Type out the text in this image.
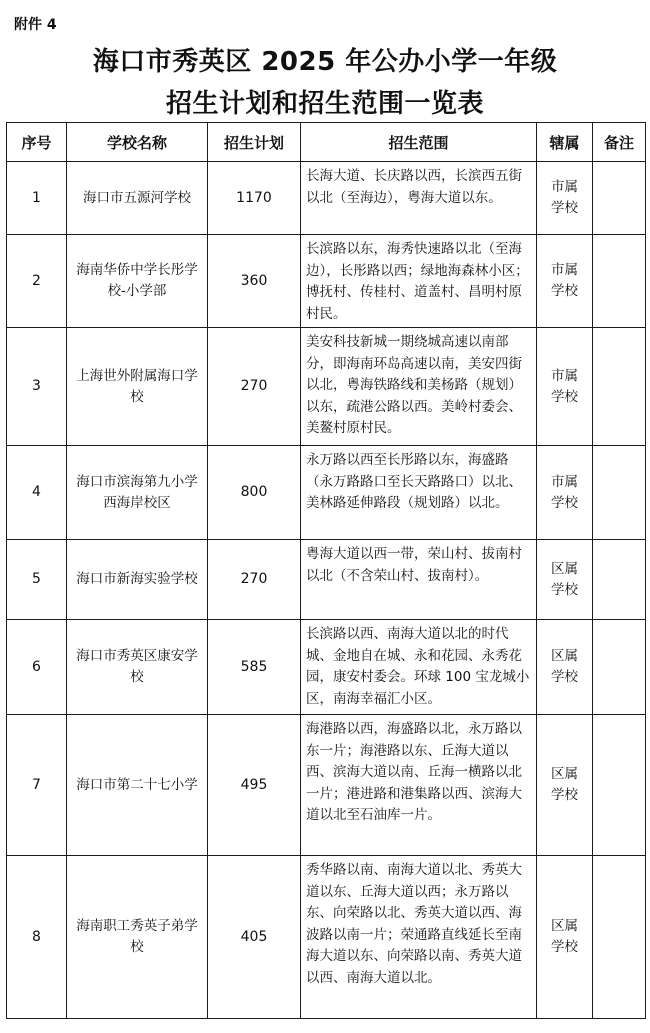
附件 4
海口市秀英区 2025 年公办小学一年级
招生计划和招生范围一览表
序号	学校名称	招生计划	招生范围	辖属	备注
1	海口市五源河学校	1170	长海大道、长庆路以西，长滨西五街以北（至海边），粤海大道以东。	市属学校	
2	海南华侨中学长彤学校-小学部	360	长滨路以东，海秀快速路以北（至海边），长彤路以西；绿地海森林小区；博抚村、传桂村、道盖村、昌明村原村民。	市属学校	
3	上海世外附属海口学校	270	美安科技新城一期绕城高速以南部分，即海南环岛高速以南，美安四街以北，粤海铁路线和美杨路（规划）以东，疏港公路以西。美岭村委会、美鳌村原村民。	市属学校	
4	海口市滨海第九小学西海岸校区	800	永万路以西至长彤路以东，海盛路（永万路路口至长天路路口）以北、美林路延伸路段（规划路）以北。	市属学校	
5	海口市新海实验学校	270	粤海大道以西一带，荣山村、拔南村以北（不含荣山村、拔南村）。	区属学校	
6	海口市秀英区康安学校	585	长滨路以西、南海大道以北的时代城、金地自在城、永和花园、永秀花园，康安村委会。环球 100 宝龙城小区，南海幸福汇小区。	区属学校	
7	海口市第二十七小学	495	海港路以西，海盛路以北，永万路以东一片；海港路以东、丘海大道以西、滨海大道以南、丘海一横路以北一片；港进路和港集路以西、滨海大道以北至石油库一片。	区属学校	
8	海南职工秀英子弟学校	405	秀华路以南、南海大道以北、秀英大道以东、丘海大道以西；永万路以东、向荣路以北、秀英大道以西、海波路以南一片；荣通路直线延长至南海大道以东、向荣路以南、秀英大道以西、南海大道以北。	区属学校	
